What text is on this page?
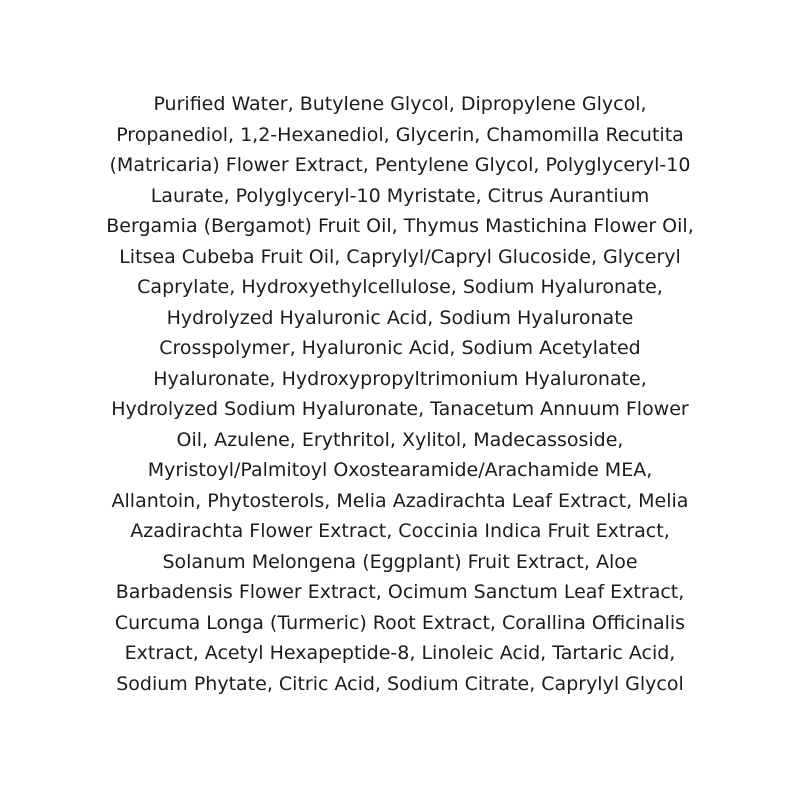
Purified Water, Butylene Glycol, Dipropylene Glycol,
Propanediol, 1,2-Hexanediol, Glycerin, Chamomilla Recutita
(Matricaria) Flower Extract, Pentylene Glycol, Polyglyceryl-10
Laurate, Polyglyceryl-10 Myristate, Citrus Aurantium
Bergamia (Bergamot) Fruit Oil, Thymus Mastichina Flower Oil,
Litsea Cubeba Fruit Oil, Caprylyl/Capryl Glucoside, Glyceryl
Caprylate, Hydroxyethylcellulose, Sodium Hyaluronate,
Hydrolyzed Hyaluronic Acid, Sodium Hyaluronate
Crosspolymer, Hyaluronic Acid, Sodium Acetylated
Hyaluronate, Hydroxypropyltrimonium Hyaluronate,
Hydrolyzed Sodium Hyaluronate, Tanacetum Annuum Flower
Oil, Azulene, Erythritol, Xylitol, Madecassoside,
Myristoyl/Palmitoyl Oxostearamide/Arachamide MEA,
Allantoin, Phytosterols, Melia Azadirachta Leaf Extract, Melia
Azadirachta Flower Extract, Coccinia Indica Fruit Extract,
Solanum Melongena (Eggplant) Fruit Extract, Aloe
Barbadensis Flower Extract, Ocimum Sanctum Leaf Extract,
Curcuma Longa (Turmeric) Root Extract, Corallina Officinalis
Extract, Acetyl Hexapeptide-8, Linoleic Acid, Tartaric Acid,
Sodium Phytate, Citric Acid, Sodium Citrate, Caprylyl Glycol
